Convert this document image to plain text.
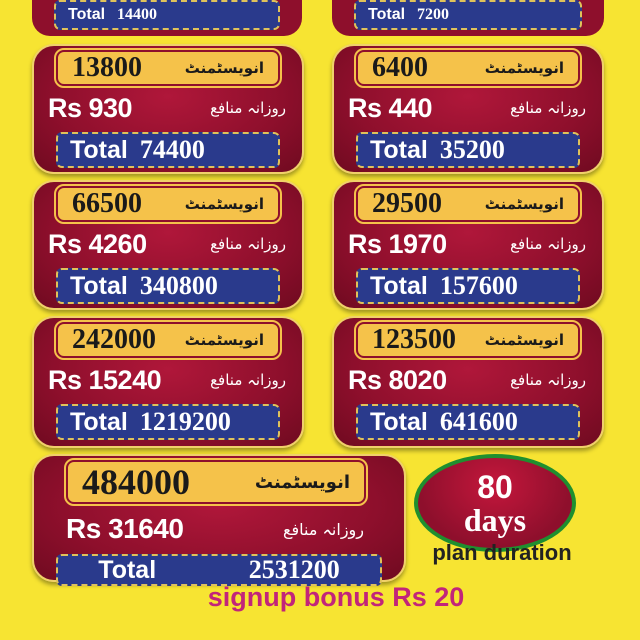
Total 14400	Total 7200
13800	انویسٹمنٹ
Rs 930	روزانہ منافع
Total 74400
6400	انویسٹمنٹ
Rs 440	روزانہ منافع
Total 35200
66500	انویسٹمنٹ
Rs 4260	روزانہ منافع
Total 340800
29500	انویسٹمنٹ
Rs 1970	روزانہ منافع
Total 157600
242000 انویسٹمنٹ
Rs 15240	روزانہ منافع
Total 1219200
123500 انویسٹمنٹ
Rs 8020	روزانہ منافع
Total 641600
484000	انویسٹمنٹ
Rs 31640	روزانہ منافع
Total	2531200
80
days
plan duration
signup bonus Rs 20
